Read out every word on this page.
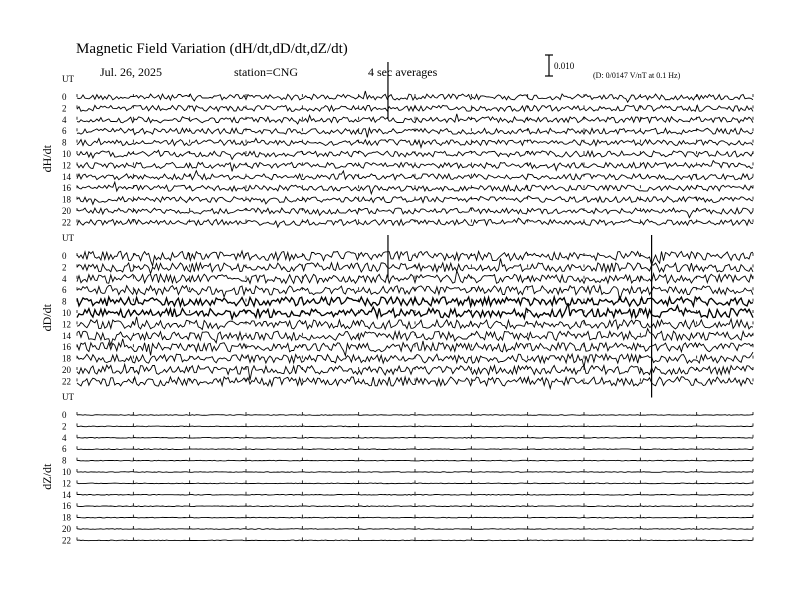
Magnetic Field Variation (dH/dt,dD/dt,dZ/dt)
Jul. 26, 2025	station=CNG	4 sec averages	0.010
(D: 0/0147 V/nT at 0.1 Hz)
UT
dH/dt
0
2
4
6
8
10
12
14
16
18
20
22
UT
dD/dt
0
2
4
6
8
10
12
14
16
18
20
22
UT
dZ/dt
0
2
4
6
8
10
12
14
16
18
20
22
